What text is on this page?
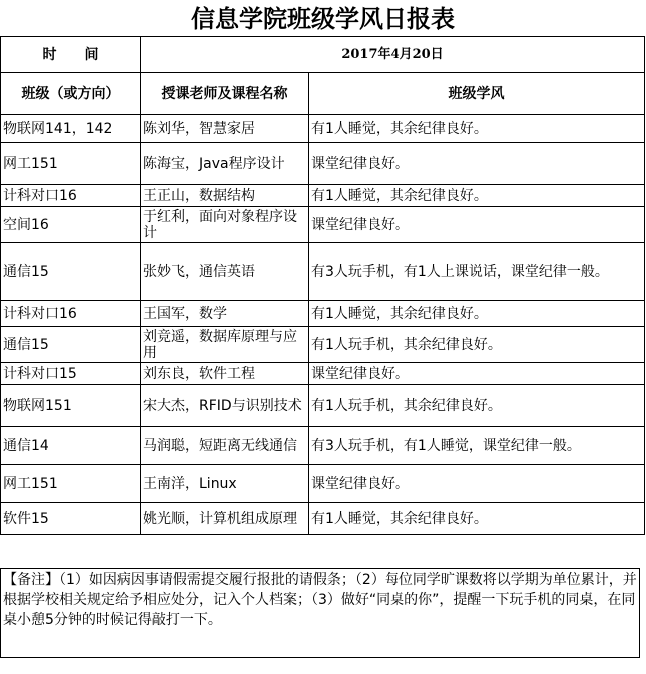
信息学院班级学风日报表
时间	2017年4月20日	
班级（或方向）	授课老师及课程名称	班级学风
物联网141，142	陈刘华，智慧家居	有1人睡觉，其余纪律良好。
网工151	陈海宝，Java程序设计	课堂纪律良好。
计科对口16	王正山，数据结构	有1人睡觉，其余纪律良好。
空间16	于红利，面向对象程序设计	课堂纪律良好。
通信15	张妙飞，通信英语	有3人玩手机，有1人上课说话，课堂纪律一般。
计科对口16	王国军，数学	有1人睡觉，其余纪律良好。
通信15	刘竞遥，数据库原理与应用	有1人玩手机，其余纪律良好。
计科对口15	刘东良，软件工程	课堂纪律良好。
物联网151	宋大杰，RFID与识别技术	有1人玩手机，其余纪律良好。
通信14	马润聪，短距离无线通信	有3人玩手机，有1人睡觉，课堂纪律一般。
网工151	王南洋，Linux	课堂纪律良好。
软件15	姚光顺，计算机组成原理	有1人睡觉，其余纪律良好。
【备注】（1）如因病因事请假需提交履行报批的请假条；（2）每位同学旷课数将以学期为单位累计，并根据学校相关规定给予相应处分，记入个人档案；（3）做好“同桌的你”，提醒一下玩手机的同桌，在同桌小憩5分钟的时候记得敲打一下。
